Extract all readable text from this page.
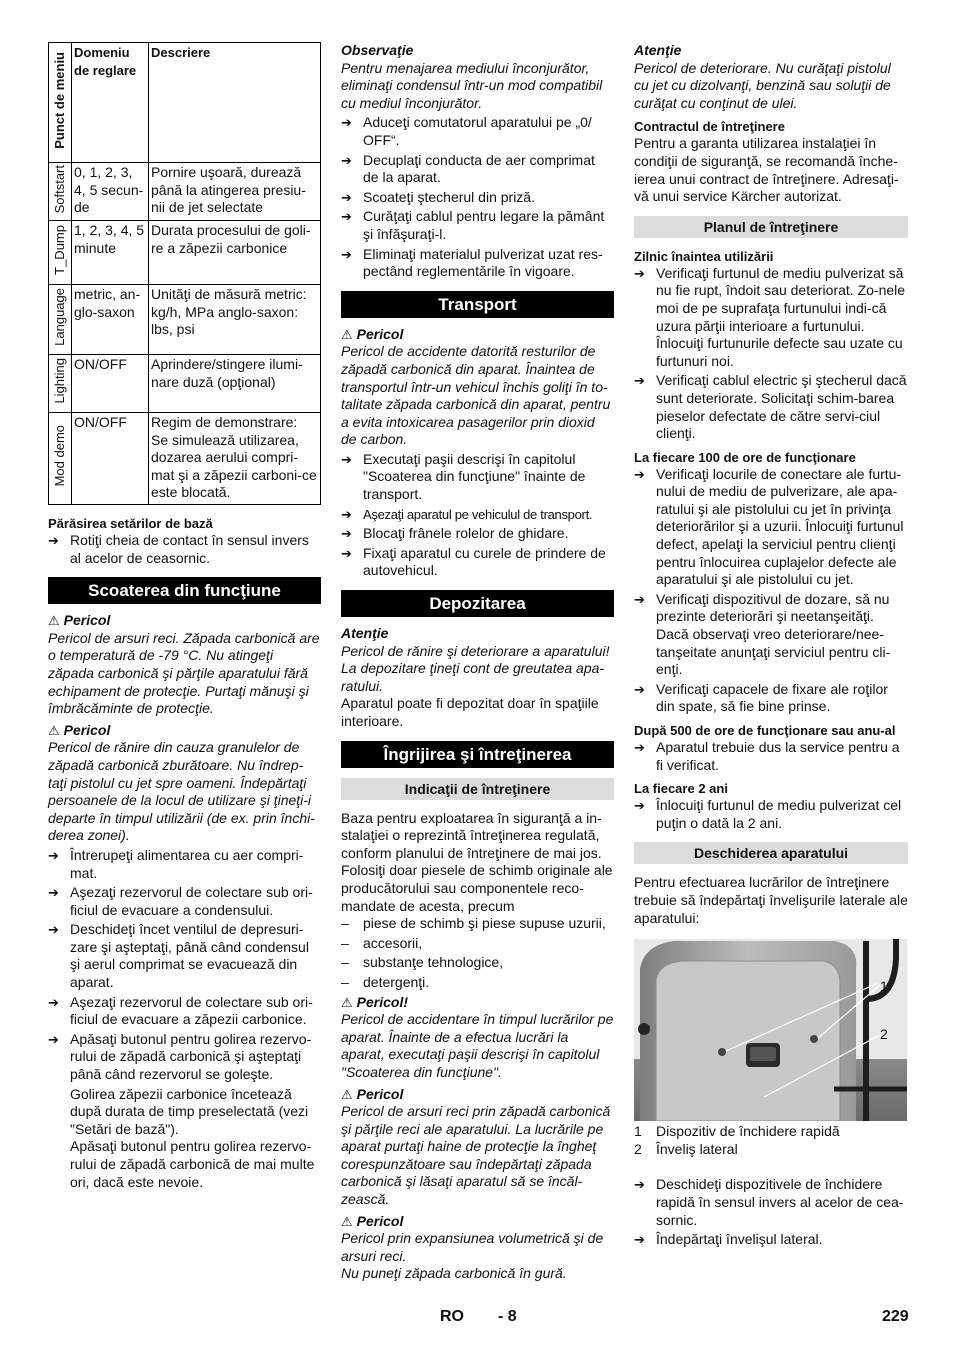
Punct de meniu	Domeniu de reglare	Descriere
Softstart	0, 1, 2, 3, 4, 5 secun-de	Pornire uşoară, durează până la atingerea presiu-nii de jet selectate
T_Dump	1, 2, 3, 4, 5 minute	Durata procesului de goli-re a zăpezii carbonice
Language	metric, an-glo-saxon	Unităţi de măsură metric: kg/h, MPa anglo-saxon: lbs, psi
Lighting	ON/OFF	Aprindere/stingere ilumi-nare duză (opţional)
Mod demo	ON/OFF	Regim de demonstrare: Se simulează utilizarea, dozarea aerului compri-mat şi a zăpezii carboni-ce este blocată.

Părăsirea setărilor de bază

➔ Rotiţi cheia de contact în sensul invers al acelor de ceasornic.
Scoaterea din funcţiune

⚠ Pericol

Pericol de arsuri reci. Zăpada carbonică are o temperatură de -79 °C. Nu atingeţi zăpada carbonică şi părţile aparatului fără echipament de protecţie. Purtaţi mănuşi şi îmbrăcăminte de protecţie.

⚠ Pericol

Pericol de rănire din cauza granulelor de zăpadă carbonică zburătoare. Nu îndrep-taţi pistolul cu jet spre oameni. Îndepărtaţi persoanele de la locul de utilizare şi ţineţi-i departe în timpul utilizării (de ex. prin închi-derea zonei).

➔ Întrerupeţi alimentarea cu aer compri-mat.
➔ Aşezaţi rezervorul de colectare sub ori-ficiul de evacuare a condensului.
➔ Deschideţi încet ventilul de depresuri-zare şi aşteptaţi, până când condensul şi aerul comprimat se evacuează din aparat.
➔ Aşezaţi rezervorul de colectare sub ori-ficiul de evacuare a zăpezii carbonice.
➔ Apăsaţi butonul pentru golirea rezervo-rului de zăpadă carbonică şi aşteptaţi până când rezervorul se goleşte.

Golirea zăpezii carbonice încetează după durata de timp preselectată (vezi "Setări de bază").

Apăsaţi butonul pentru golirea rezervo-rului de zăpadă carbonică de mai multe ori, dacă este nevoie.

Observaţie

Pentru menajarea mediului înconjurător, eliminaţi condensul într-un mod compatibil cu mediul înconjurător.

➔ Aduceţi comutatorul aparatului pe „0/ OFF“.
➔ Decuplaţi conducta de aer comprimat de la aparat.
➔ Scoateţi ştecherul din priză.
➔ Curăţaţi cablul pentru legare la pământ şi înfăşuraţi-l.
➔ Eliminaţi materialul pulverizat uzat res-pectând reglementările în vigoare.
Transport

⚠ Pericol

Pericol de accidente datorită resturilor de zăpadă carbonică din aparat. Înaintea de transportul într-un vehicul închis goliţi în to-talitate zăpada carbonică din aparat, pentru a evita intoxicarea pasagerilor prin dioxid de carbon.

➔ Executaţi paşii descrişi în capitolul "Scoaterea din funcţiune" înainte de transport.
➔ Aşezaţi aparatul pe vehiculul de transport.
➔ Blocaţi frânele rolelor de ghidare.
➔ Fixaţi aparatul cu curele de prindere de autovehicul.
Depozitarea

Atenţie

Pericol de rănire şi deteriorare a aparatului! La depozitare ţineţi cont de greutatea apa-ratului.

Aparatul poate fi depozitat doar în spaţiile interioare.

Îngrijirea şi întreţinerea
Indicaţii de întreţinere

Baza pentru exploatarea în siguranţă a in-stalaţiei o reprezintă întreţinerea regulată, conform planului de întreţinere de mai jos. Folosiţi doar piesele de schimb originale ale producătorului sau componentele reco-mandate de acesta, precum

–	piese de schimb şi piese supuse uzurii,
–	accesorii,
–	substanţe tehnologice,
–	detergenţi.

⚠ Pericol!

Pericol de accidentare în timpul lucrărilor pe aparat. Înainte de a efectua lucrări la aparat, executaţi paşii descrişi în capitolul "Scoaterea din funcţiune".

⚠ Pericol

Pericol de arsuri reci prin zăpadă carbonică şi părţile reci ale aparatului. La lucrările pe aparat purtaţi haine de protecţie la îngheţ corespunzătoare sau îndepărtaţi zăpada carbonică şi lăsaţi aparatul să se încăl-zească.

⚠ Pericol

Pericol prin expansiunea volumetrică şi de arsuri reci.

Nu puneţi zăpada carbonică în gură.

Atenţie

Pericol de deteriorare. Nu curăţaţi pistolul cu jet cu dizolvanţi, benzină sau soluţii de curăţat cu conţinut de ulei.

Contractul de întreţinere

Pentru a garanta utilizarea instalaţiei în condiţii de siguranţă, se recomandă înche-ierea unui contract de întreţinere. Adresaţi-vă unui service Kärcher autorizat.

Planul de întreţinere

Zilnic înaintea utilizării

➔ Verificaţi furtunul de mediu pulverizat să nu fie rupt, îndoit sau deteriorat. Zo-nele moi de pe suprafaţa furtunului indi-că uzura părţii interioare a furtunului. Înlocuiţi furtunurile defecte sau uzate cu furtunuri noi.
➔ Verificaţi cablul electric şi ştecherul dacă sunt deteriorate. Solicitaţi schim-barea pieselor defectate de către servi-ciul clienţi.

La fiecare 100 de ore de funcţionare

➔ Verificaţi locurile de conectare ale furtu-nului de mediu de pulverizare, ale apa-ratului şi ale pistolului cu jet în privinţa deteriorărilor şi a uzurii. Înlocuiţi furtunul defect, apelaţi la serviciul pentru clienţi pentru înlocuirea cuplajelor defecte ale aparatului şi ale pistolului cu jet.
➔ Verificaţi dispozitivul de dozare, să nu prezinte deteriorări şi neetanşeităţi. Dacă observaţi vreo deteriorare/nee-tanşeitate anunţaţi serviciul pentru cli-enţi.
➔ Verificaţi capacele de fixare ale roţilor din spate, să fie bine prinse.

După 500 de ore de funcţionare sau anu-al

➔ Aparatul trebuie dus la service pentru a fi verificat.

La fiecare 2 ani

➔ Înlocuiţi furtunul de mediu pulverizat cel puţin o dată la 2 ani.
Deschiderea aparatului

Pentru efectuarea lucrărilor de întreţinere trebuie să îndepărtaţi învelişurile laterale ale aparatului:

1
2
1	Dispozitiv de închidere rapidă
2	Înveliş lateral
➔ Deschideţi dispozitivele de închidere rapidă în sensul invers al acelor de cea-sornic.
➔ Îndepărtaţi învelişul lateral.
RO - 8	229
